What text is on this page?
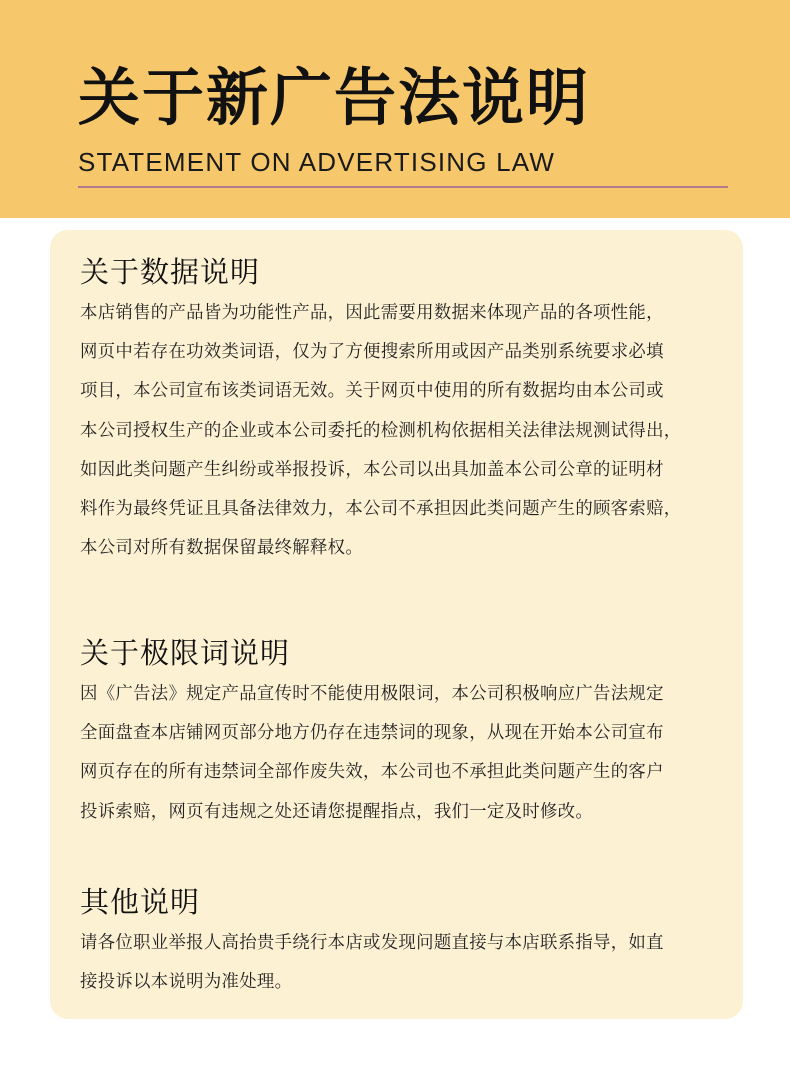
关于新广告法说明
STATEMENT ON ADVERTISING LAW
关于数据说明

本店销售的产品皆为功能性产品，因此需要用数据来体现产品的各项性能，
网页中若存在功效类词语，仅为了方便搜索所用或因产品类别系统要求必填
项目，本公司宣布该类词语无效。关于网页中使用的所有数据均由本公司或
本公司授权生产的企业或本公司委托的检测机构依据相关法律法规测试得出，
如因此类问题产生纠纷或举报投诉，本公司以出具加盖本公司公章的证明材
料作为最终凭证且具备法律效力，本公司不承担因此类问题产生的顾客索赔，
本公司对所有数据保留最终解释权。

关于极限词说明

因《广告法》规定产品宣传时不能使用极限词，本公司积极响应广告法规定
全面盘查本店铺网页部分地方仍存在违禁词的现象，从现在开始本公司宣布
网页存在的所有违禁词全部作废失效，本公司也不承担此类问题产生的客户
投诉索赔，网页有违规之处还请您提醒指点，我们一定及时修改。

其他说明

请各位职业举报人高抬贵手绕行本店或发现问题直接与本店联系指导，如直
接投诉以本说明为准处理。
